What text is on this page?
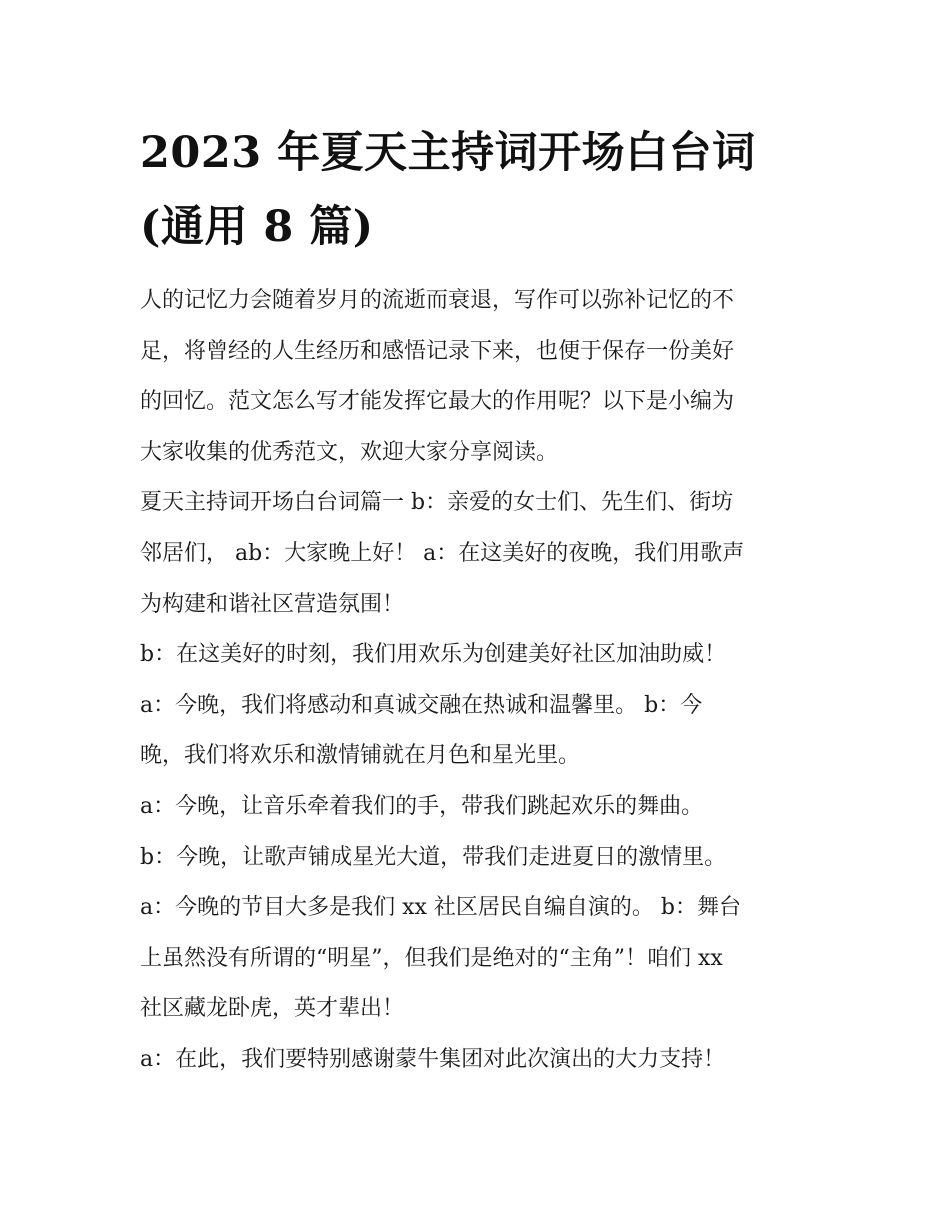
2023 年夏天主持词开场白台词
(通用 8 篇)
人的记忆力会随着岁月的流逝而衰退，写作可以弥补记忆的不
足，将曾经的人生经历和感悟记录下来，也便于保存一份美好
的回忆。范文怎么写才能发挥它最大的作用呢？以下是小编为
大家收集的优秀范文，欢迎大家分享阅读。
夏天主持词开场白台词篇一 b：亲爱的女士们、先生们、街坊
邻居们， ab：大家晚上好！ a：在这美好的夜晚，我们用歌声
为构建和谐社区营造氛围！
b：在这美好的时刻，我们用欢乐为创建美好社区加油助威！
a：今晚，我们将感动和真诚交融在热诚和温馨里。 b：今
晚，我们将欢乐和激情铺就在月色和星光里。
a：今晚，让音乐牵着我们的手，带我们跳起欢乐的舞曲。
b：今晚，让歌声铺成星光大道，带我们走进夏日的激情里。
a：今晚的节目大多是我们 xx 社区居民自编自演的。 b：舞台
上虽然没有所谓的“明星”，但我们是绝对的“主角”！咱们 xx
社区藏龙卧虎，英才辈出！
a：在此，我们要特别感谢蒙牛集团对此次演出的大力支持！
